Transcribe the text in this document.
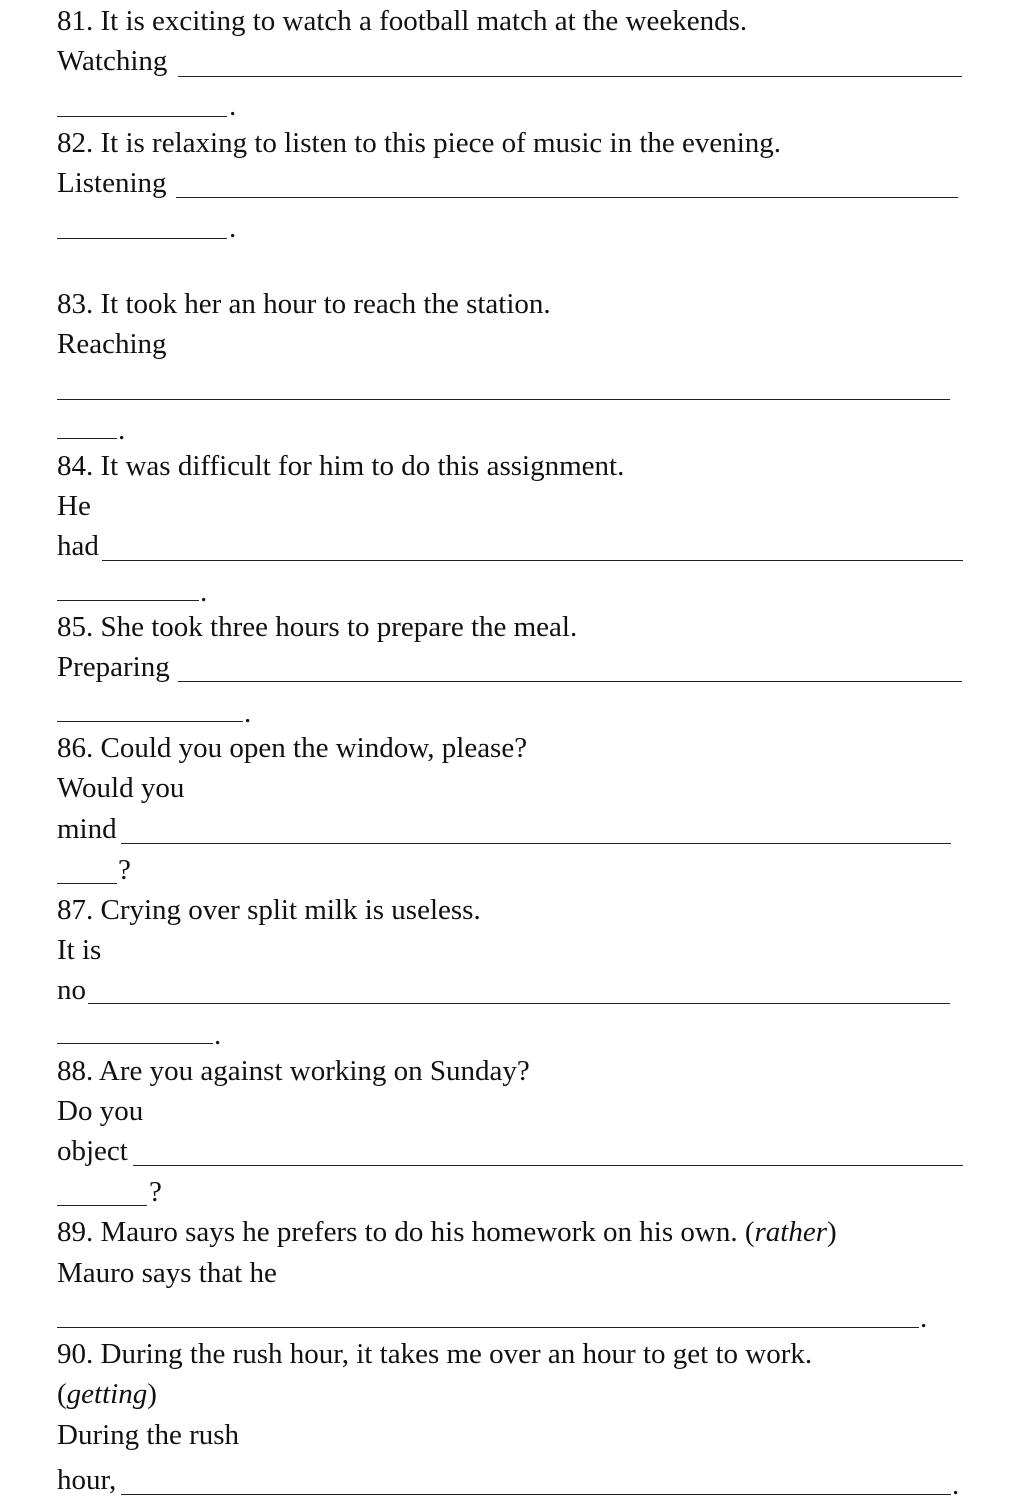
81. It is exciting to watch a football match at the weekends.
Watching
.
82. It is relaxing to listen to this piece of music in the evening.
Listening
.
83. It took her an hour to reach the station.
Reaching
.
84. It was difficult for him to do this assignment.
He
had
.
85. She took three hours to prepare the meal.
Preparing
.
86. Could you open the window, please?
Would you
mind
?
87. Crying over split milk is useless.
It is
no
.
88. Are you against working on Sunday?
Do you
object
?
89. Mauro says he prefers to do his homework on his own. (rather)
Mauro says that he
.
90. During the rush hour, it takes me over an hour to get to work.
(getting)
During the rush
hour,	.
